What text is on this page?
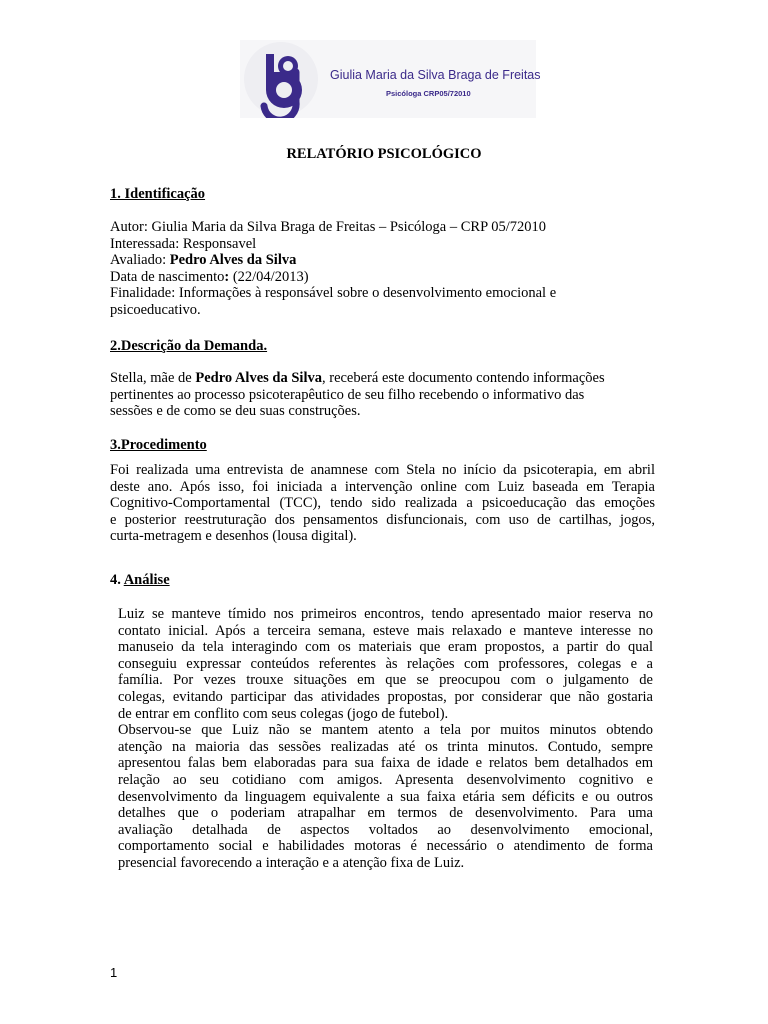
Giulia Maria da Silva Braga de Freitas
Psicóloga CRP05/72010
RELATÓRIO PSICOLÓGICO
1. Identificação
Autor: Giulia Maria da Silva Braga de Freitas – Psicóloga – CRP 05/72010
Interessada: Responsavel
Avaliado: Pedro Alves da Silva
Data de nascimento: (22/04/2013)
Finalidade: Informações à responsável sobre o desenvolvimento emocional e
psicoeducativo.
2.Descrição da Demanda.
Stella, mãe de Pedro Alves da Silva, receberá este documento contendo informações
pertinentes ao processo psicoterapêutico de seu filho recebendo o informativo das
sessões e de como se deu suas construções.
3.Procedimento
Foi realizada uma entrevista de anamnese com Stela no início da psicoterapia, em abril
deste ano. Após isso, foi iniciada a intervenção online com Luiz baseada em Terapia
Cognitivo-Comportamental (TCC), tendo sido realizada a psicoeducação das emoções
e posterior reestruturação dos pensamentos disfuncionais, com uso de cartilhas, jogos,
curta-metragem e desenhos (lousa digital).
4. Análise
Luiz se manteve tímido nos primeiros encontros, tendo apresentado maior reserva no
contato inicial. Após a terceira semana, esteve mais relaxado e manteve interesse no
manuseio da tela interagindo com os materiais que eram propostos, a partir do qual
conseguiu expressar conteúdos referentes às relações com professores, colegas e a
família. Por vezes trouxe situações em que se preocupou com o julgamento de
colegas, evitando participar das atividades propostas, por considerar que não gostaria
de entrar em conflito com seus colegas (jogo de futebol).
Observou-se que Luiz não se mantem atento a tela por muitos minutos obtendo
atenção na maioria das sessões realizadas até os trinta minutos. Contudo, sempre
apresentou falas bem elaboradas para sua faixa de idade e relatos bem detalhados em
relação ao seu cotidiano com amigos. Apresenta desenvolvimento cognitivo e
desenvolvimento da linguagem equivalente a sua faixa etária sem déficits e ou outros
detalhes que o poderiam atrapalhar em termos de desenvolvimento. Para uma
avaliação detalhada de aspectos voltados ao desenvolvimento emocional,
comportamento social e habilidades motoras é necessário o atendimento de forma
presencial favorecendo a interação e a atenção fixa de Luiz.
1
